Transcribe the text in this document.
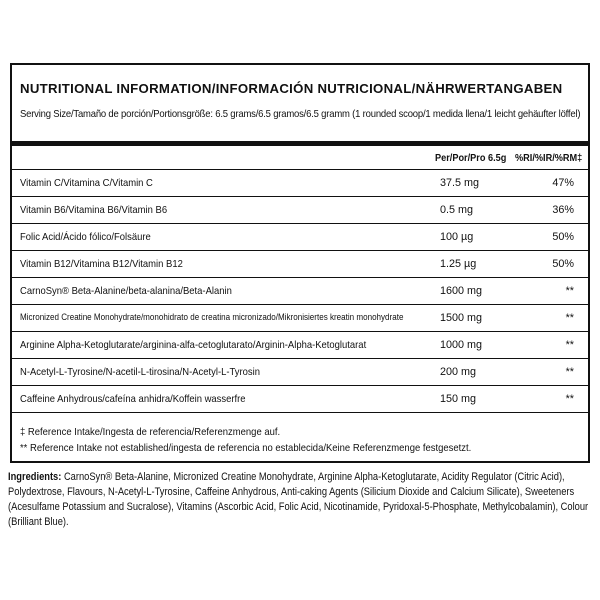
NUTRITIONAL INFORMATION/INFORMACIÓN NUTRICIONAL/NÄHRWERTANGABEN
Serving Size/Tamaño de porción/Portionsgröße: 6.5 grams/6.5 gramos/6.5 gramm (1 rounded scoop/1 medida llena/1 leicht gehäufter löffel)
Per/Por/Pro 6.5g %RI/%IR/%RM‡
Vitamin C/Vitamina C/Vitamin C	37.5 mg	47%
Vitamin B6/Vitamina B6/Vitamin B6	0.5 mg	36%
Folic Acid/Ácido fólico/Folsäure	100 µg	50%
Vitamin B12/Vitamina B12/Vitamin B12	1.25 µg	50%
CarnoSyn® Beta-Alanine/beta-alanina/Beta-Alanin	1600 mg	**
Micronized Creatine Monohydrate/monohidrato de creatina micronizado/Mikronisiertes kreatin monohydrate	1500 mg	**
Arginine Alpha-Ketoglutarate/arginina-alfa-cetoglutarato/Arginin-Alpha-Ketoglutarat	1000 mg	**
N-Acetyl-L-Tyrosine/N-acetil-L-tirosina/N-Acetyl-L-Tyrosin	200 mg	**
Caffeine Anhydrous/cafeína anhidra/Koffein wasserfre	150 mg	**
‡ Reference Intake/Ingesta de referencia/Referenzmenge auf.
** Reference Intake not established/ingesta de referencia no establecida/Keine Referenzmenge festgesetzt.
Ingredients: CarnoSyn® Beta-Alanine, Micronized Creatine Monohydrate, Arginine Alpha-Ketoglutarate, Acidity Regulator (Citric Acid), Polydextrose, Flavours, N-Acetyl-L-Tyrosine, Caffeine Anhydrous, Anti-caking Agents (Silicium Dioxide and Calcium Silicate), Sweeteners (Acesulfame Potassium and Sucralose), Vitamins (Ascorbic Acid, Folic Acid, Nicotinamide, Pyridoxal-5-Phosphate, Methylcobalamin), Colour (Brilliant Blue).
